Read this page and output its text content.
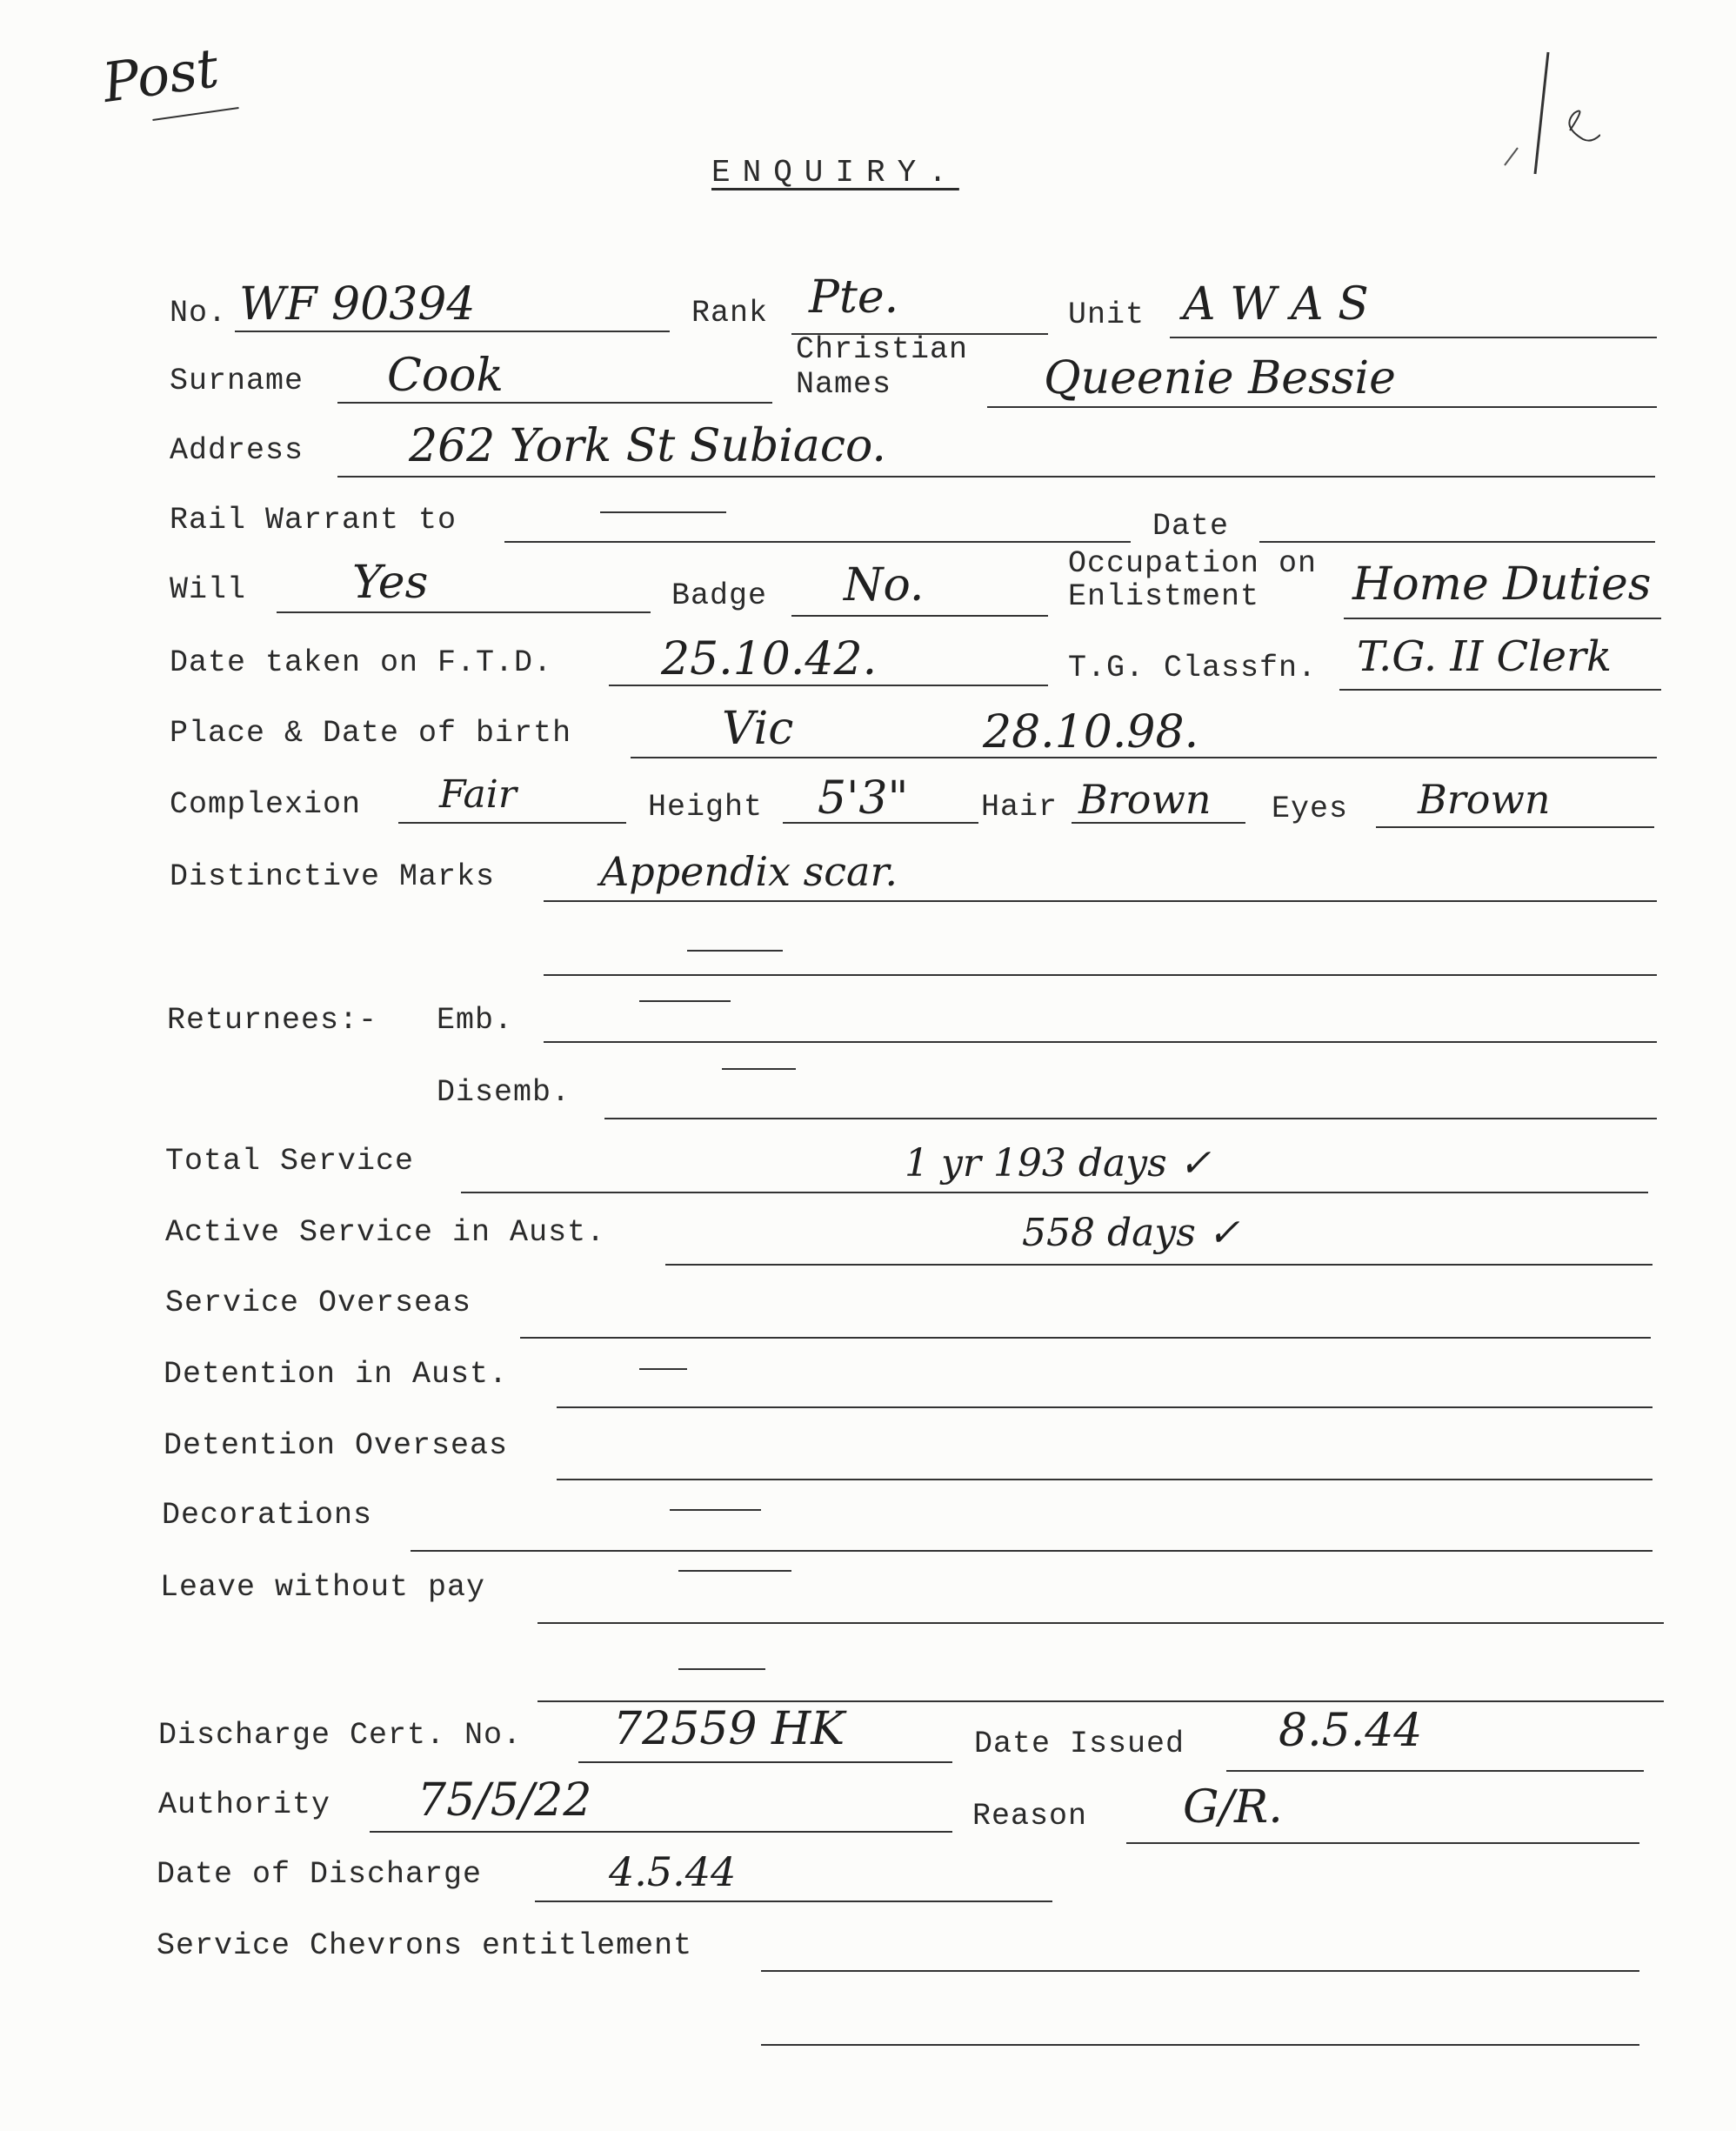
Post
ENQUIRY.
No. WF 90394	Rank Pte.	Unit A W A S
Surname Cook	Christian
Names	Queenie Bessie
Address 262 York St Subiaco.
Rail Warrant to	Date
Will Yes	Badge No.	Occupation on
Enlistment Home Duties
Date taken on F.T.D. 25.10.42.	T.G. Classfn. T.G. II Clerk
Place & Date of birth	Vic	28.10.98.
Complexion Fair	Height 5'3" Hair Brown Eyes Brown
Distinctive Marks	Appendix scar.
Returnees:- Emb.
Disemb.
Total Service	1 yr 193 days ✓
Active Service in Aust.	558 days ✓
Service Overseas
Detention in Aust.
Detention Overseas
Decorations
Leave without pay
Discharge Cert. No. 72559 HK	Date Issued 8.5.44
Authority 75/5/22	Reason G/R.
Date of Discharge	4.5.44
Service Chevrons entitlement
